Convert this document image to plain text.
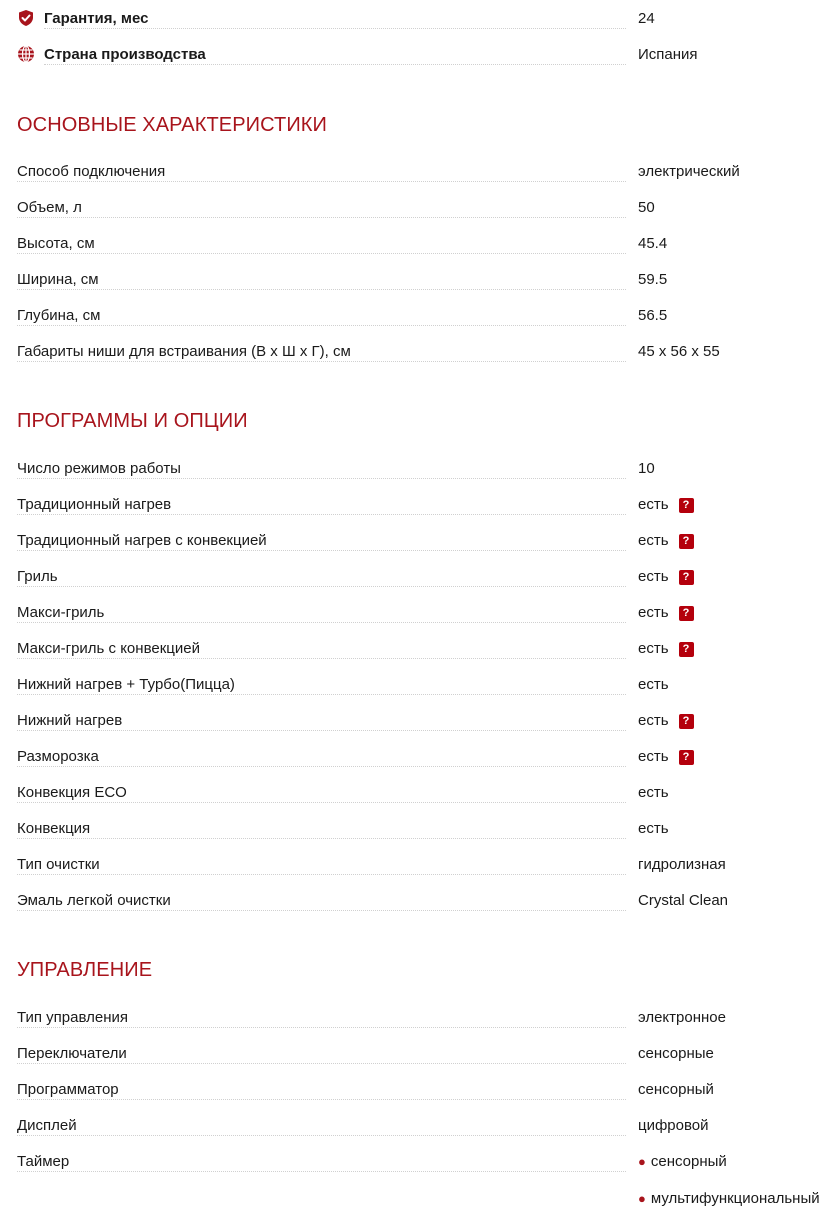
Гарантия, мес	24
Страна производства	Испания
ОСНОВНЫЕ ХАРАКТЕРИСТИКИ
Способ подключения	электрический
Объем, л	50
Высота, см	45.4
Ширина, см	59.5
Глубина, см	56.5
Габариты ниши для встраивания (В х Ш х Г), см	45 х 56 х 55
ПРОГРАММЫ И ОПЦИИ
Число режимов работы	10
Традиционный нагрев	есть	?
Традиционный нагрев с конвекцией	есть	?
Гриль	есть	?
Макси-гриль	есть	?
Макси-гриль с конвекцией	есть	?
Нижний нагрев + Турбо(Пицца)	есть
Нижний нагрев	есть	?
Разморозка	есть	?
Конвекция ECO	есть
Конвекция	есть
Тип очистки	гидролизная
Эмаль легкой очистки	Crystal Clean
УПРАВЛЕНИЕ
Тип управления	электронное
Переключатели	сенсорные
Программатор	сенсорный
Дисплей	цифровой
Таймер	● сенсорный
● мультифункциональный
